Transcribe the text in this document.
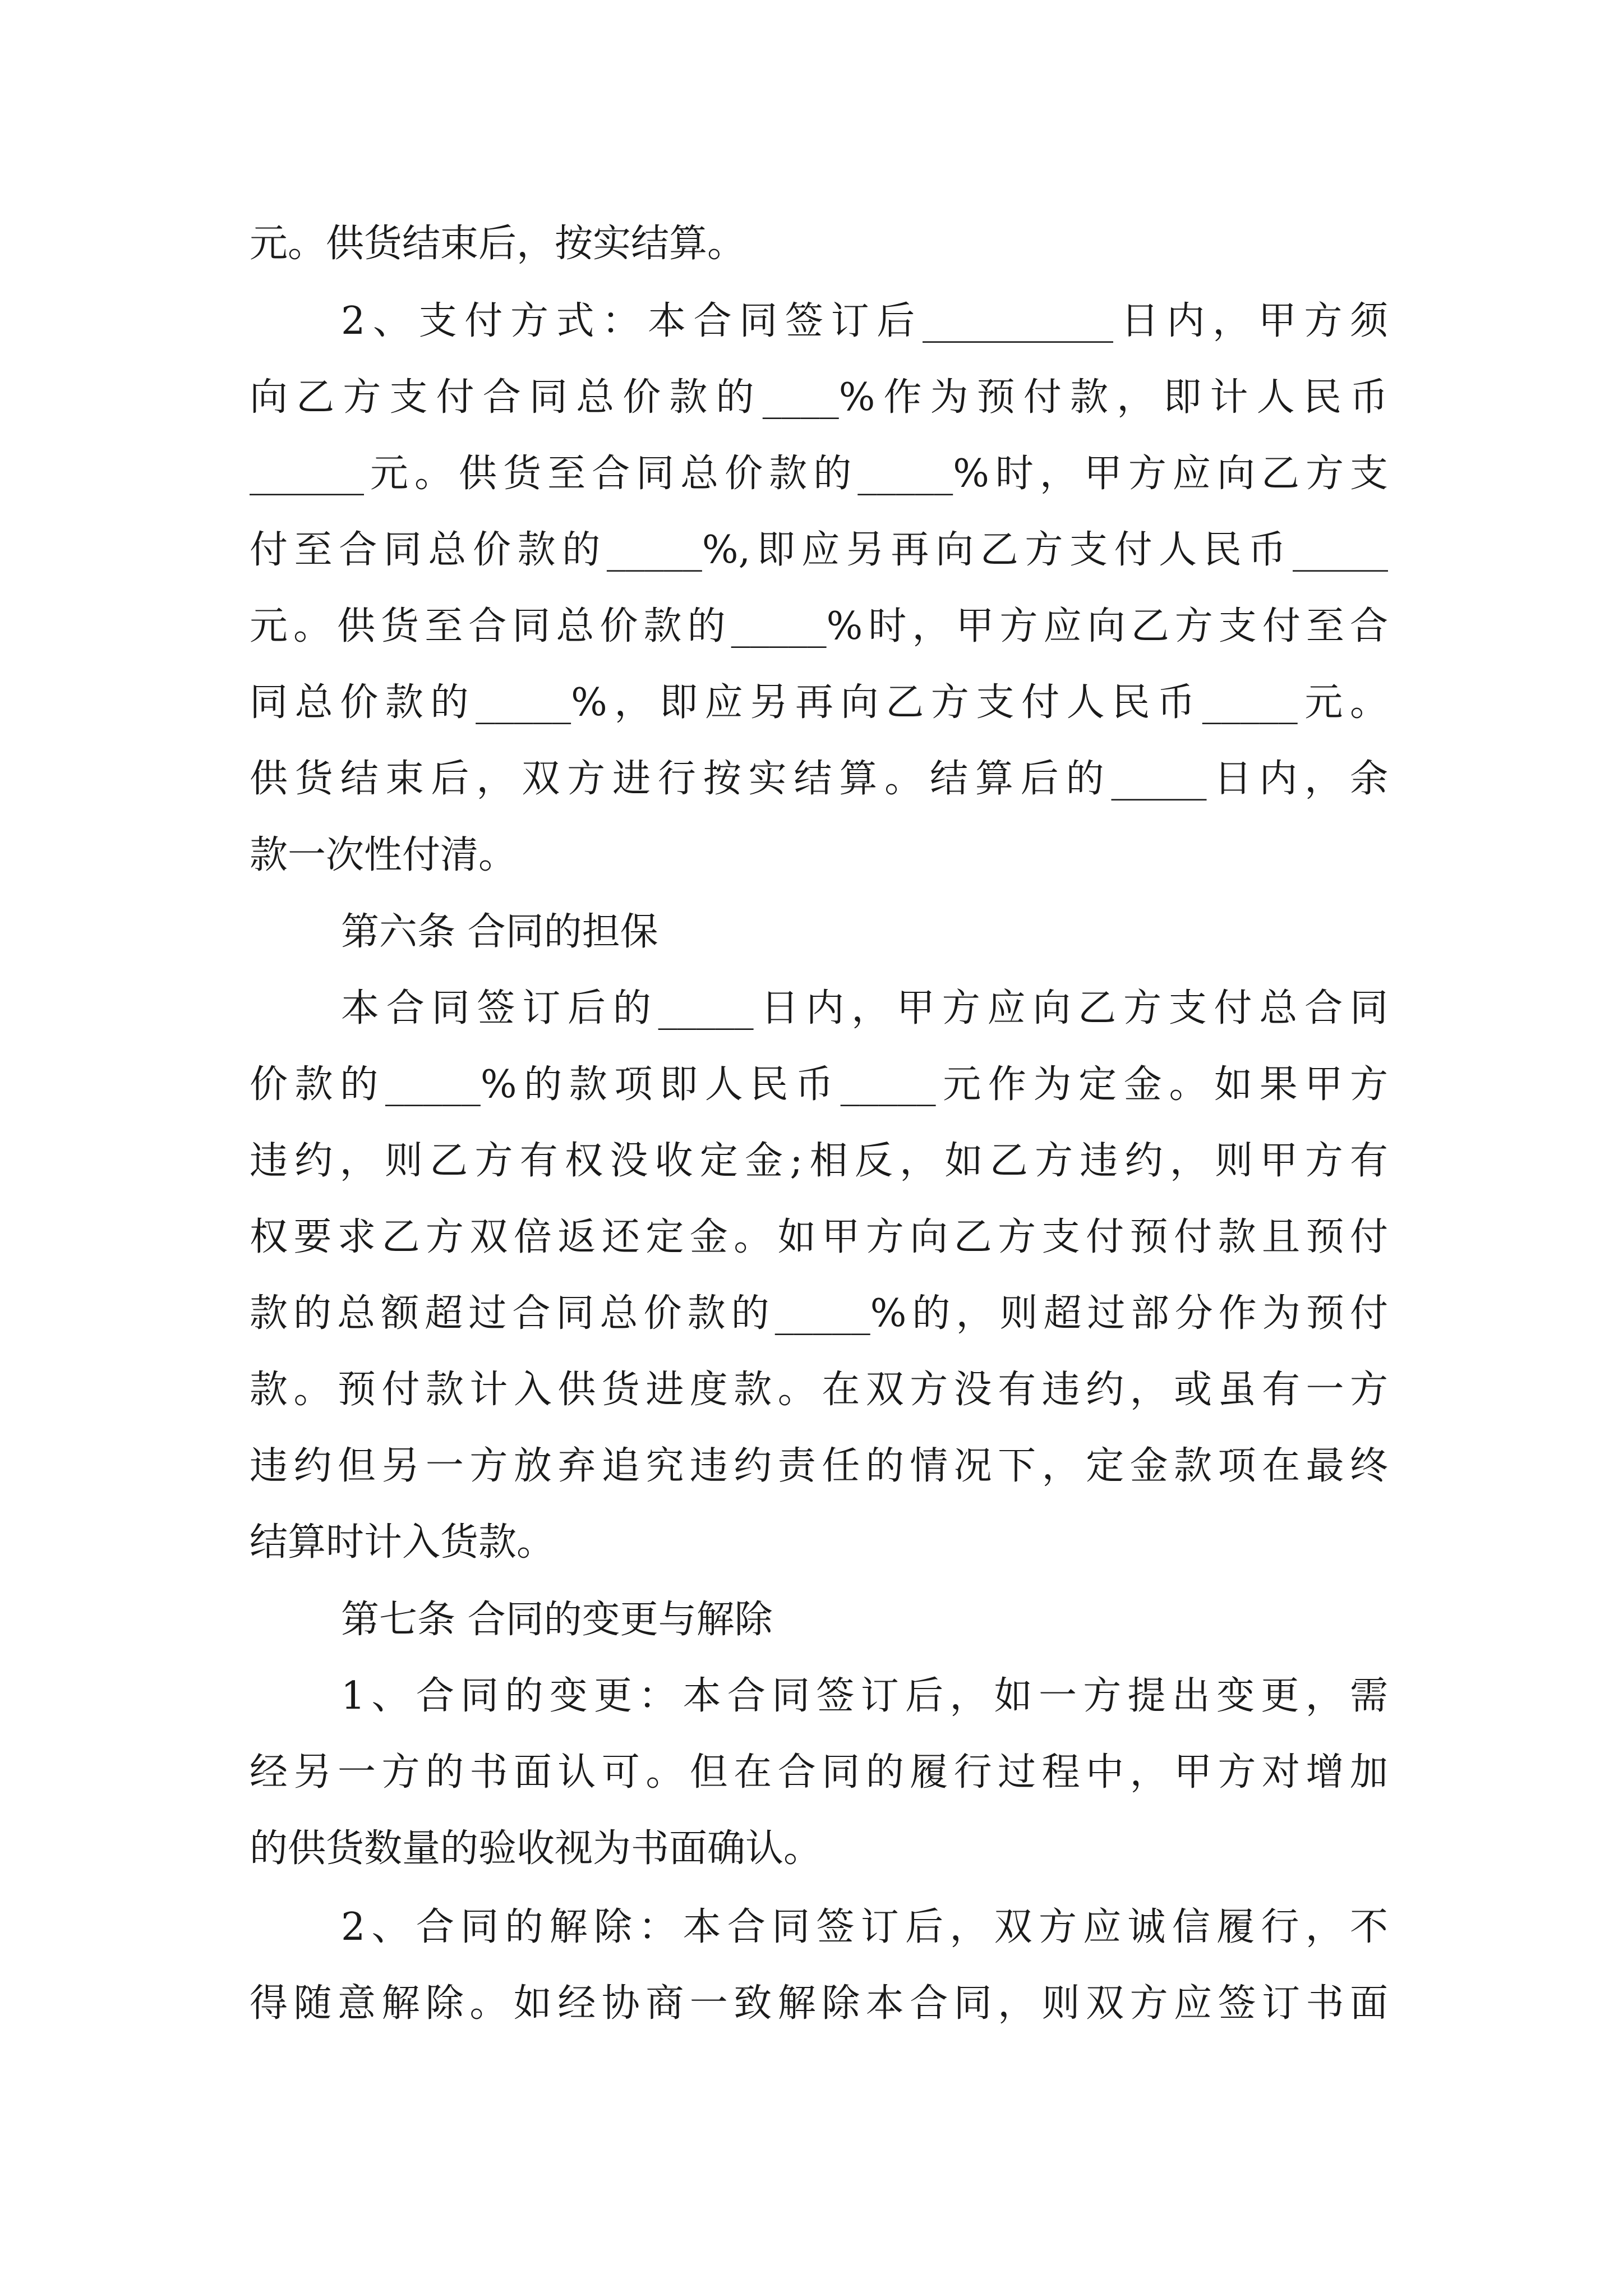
元。供货结束后，按实结算。

2、支付方式：本合同签订后__________日内，甲方须

向乙方支付合同总价款的____%作为预付款，即计人民币

______元。供货至合同总价款的_____%时，甲方应向乙方支

付至合同总价款的_____%,即应另再向乙方支付人民币_____

元。供货至合同总价款的_____%时，甲方应向乙方支付至合

同总价款的_____%，即应另再向乙方支付人民币_____元。

供货结束后，双方进行按实结算。结算后的_____日内，余

款一次性付清。

第六条 合同的担保

本合同签订后的_____日内，甲方应向乙方支付总合同

价款的_____%的款项即人民币_____元作为定金。如果甲方

违约，则乙方有权没收定金;相反，如乙方违约，则甲方有

权要求乙方双倍返还定金。如甲方向乙方支付预付款且预付

款的总额超过合同总价款的_____%的，则超过部分作为预付

款。预付款计入供货进度款。在双方没有违约，或虽有一方

违约但另一方放弃追究违约责任的情况下，定金款项在最终

结算时计入货款。

第七条 合同的变更与解除

1、合同的变更：本合同签订后，如一方提出变更，需

经另一方的书面认可。但在合同的履行过程中，甲方对增加

的供货数量的验收视为书面确认。

2、合同的解除：本合同签订后，双方应诚信履行，不

得随意解除。如经协商一致解除本合同，则双方应签订书面
